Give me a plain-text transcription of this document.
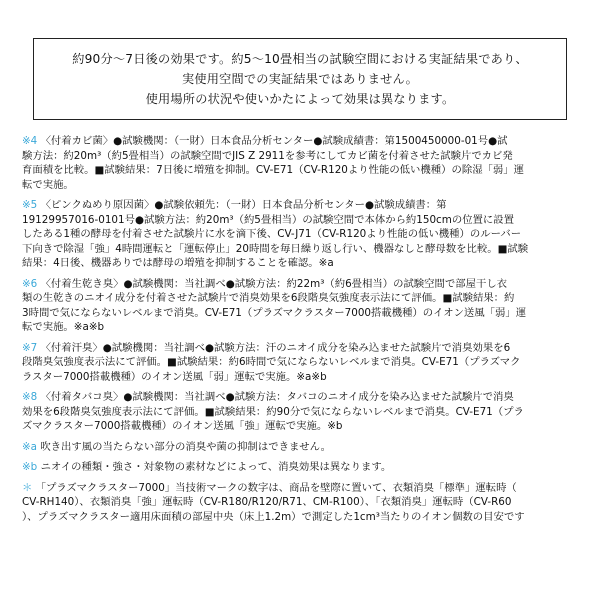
約90分〜7日後の効果です。約5〜10畳相当の試験空間における実証結果であり、
実使用空間での実証結果ではありません。
使用場所の状況や使いかたによって効果は異なります。
※4 〈付着カビ菌〉●試験機関：（一財）日本食品分析センター●試験成績書：第1500450000-01号●試
験方法：約20m³（約5畳相当）の試験空間でJIS Z 2911を参考にしてカビ菌を付着させた試験片でカビ発
育面積を比較。■試験結果：7日後に増殖を抑制。CV-E71（CV-R120より性能の低い機種）の除湿「弱」運
転で実施。
※5 〈ピンクぬめり原因菌〉●試験依頼先：（一財）日本食品分析センター●試験成績書：第
19129957016-0101号●試験方法：約20m³（約5畳相当）の試験空間で本体から約150cmの位置に設置
したある1種の酵母を付着させた試験片に水を滴下後、CV-J71（CV-R120より性能の低い機種）のルーバー
下向きで除湿「強」4時間運転と「運転停止」20時間を毎日繰り返し行い、機器なしと酵母数を比較。■試験
結果：4日後、機器ありでは酵母の増殖を抑制することを確認。※a
※6 〈付着生乾き臭〉●試験機関：当社調べ●試験方法：約22m³（約6畳相当）の試験空間で部屋干し衣
類の生乾きのニオイ成分を付着させた試験片で消臭効果を6段階臭気強度表示法にて評価。■試験結果：約
3時間で気にならないレベルまで消臭。CV-E71（プラズマクラスター7000搭載機種）のイオン送風「弱」運
転で実施。※a※b
※7 〈付着汗臭〉●試験機関：当社調べ●試験方法：汗のニオイ成分を染み込ませた試験片で消臭効果を6
段階臭気強度表示法にて評価。■試験結果：約6時間で気にならないレベルまで消臭。CV-E71（プラズマク
ラスター7000搭載機種）のイオン送風「弱」運転で実施。※a※b
※8 〈付着タバコ臭〉●試験機関：当社調べ●試験方法：タバコのニオイ成分を染み込ませた試験片で消臭
効果を6段階臭気強度表示法にて評価。■試験結果：約90分で気にならないレベルまで消臭。CV-E71（プラ
ズマクラスター7000搭載機種）のイオン送風「強」運転で実施。※b
※a 吹き出す風の当たらない部分の消臭や菌の抑制はできません。
※b ニオイの種類・強さ・対象物の素材などによって、消臭効果は異なります。
＊ 「プラズマクラスター7000」当技術マークの数字は、商品を壁際に置いて、衣類消臭「標準」運転時（
CV-RH140）、衣類消臭「強」運転時（CV-R180/R120/R71、CM-R100）、「衣類消臭」運転時（CV-R60
）、プラズマクラスター適用床面積の部屋中央（床上1.2m）で測定した1cm³当たりのイオン個数の目安です
